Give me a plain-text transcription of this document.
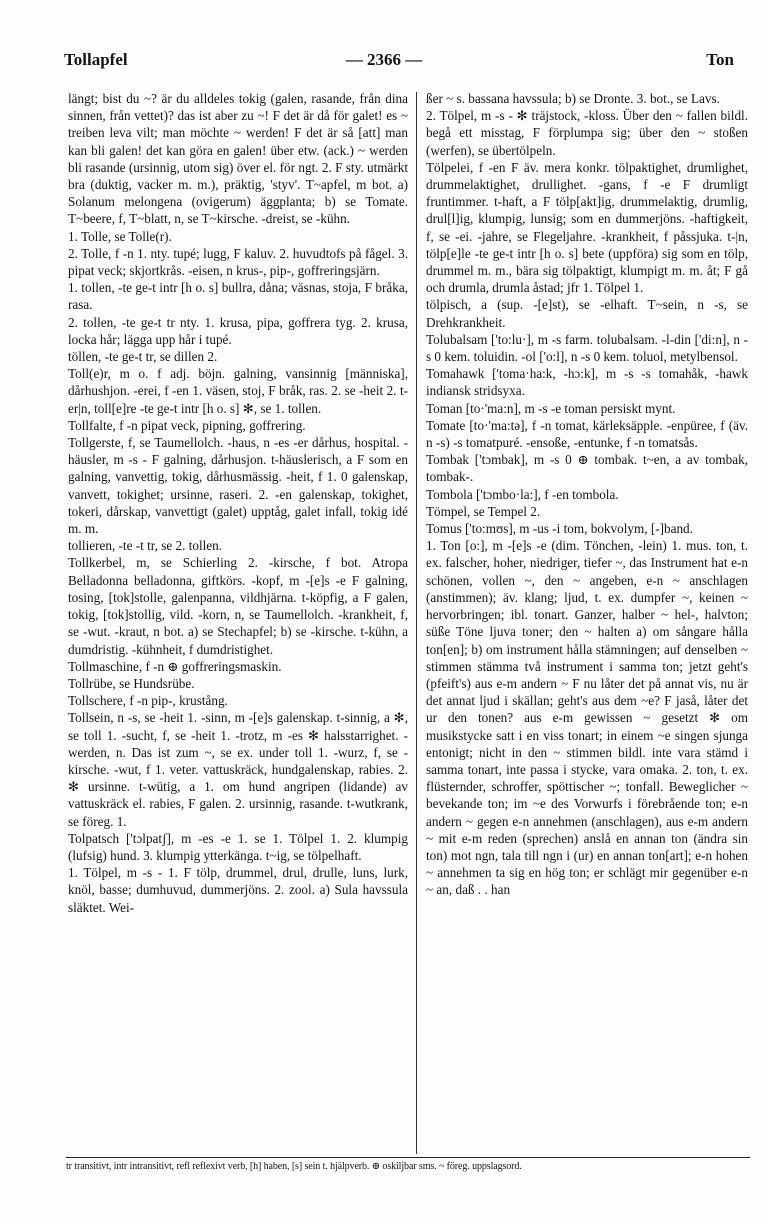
Tollapfel	— 2366 —	Ton

längt; bist du ~? är du alldeles tokig (galen, rasande, från dina sinnen, från vettet)? das ist aber zu ~! F det är då för galet! es ~ treiben leva vilt; man möchte ~ werden! F det är så [att] man kan bli galen! det kan göra en galen! über etw. (ack.) ~ werden bli rasande (ursinnig, utom sig) över el. för ngt. 2. F sty. utmärkt bra (duktig, vacker m. m.), präktig, 'styv'. T~apfel, m bot. a) Solanum melongena (ovigerum) äggplanta; b) se Tomate. T~beere, f, T~blatt, n, se T~kirsche. -dreist, se -kühn.

1. Tolle, se Tolle(r).

2. Tolle, f -n 1. nty. tupé; lugg, F kaluv. 2. huvudtofs på fågel. 3. pipat veck; skjortkrås. -eisen, n krus-, pip-, goffreringsjärn.

1. tollen, -te ge-t intr [h o. s] bullra, dåna; väsnas, stoja, F bråka, rasa.

2. tollen, -te ge-t tr nty. 1. krusa, pipa, goffrera tyg. 2. krusa, locka hår; lägga upp hår i tupé.

töllen, -te ge-t tr, se dillen 2.

Toll(e)r, m o. f adj. böjn. galning, vansinnig [människa], dårhushjon. -erei, f -en 1. väsen, stoj, F bråk, ras. 2. se -heit 2. t-er|n, toll[e]re -te ge-t intr [h o. s] ✻, se 1. tollen.

Tollfalte, f -n pipat veck, pipning, goffrering.

Tollgerste, f, se Taumellolch. -haus, n -es -er dårhus, hospital. -häusler, m -s - F galning, dårhusjon. t-häuslerisch, a F som en galning, vanvettig, tokig, dårhusmässig. -heit, f 1. 0 galenskap, vanvett, tokighet; ursinne, raseri. 2. -en galenskap, tokighet, tokeri, dårskap, vanvettigt (galet) upptåg, galet infall, tokig idé m. m.

tollieren, -te -t tr, se 2. tollen.

Tollkerbel, m, se Schierling 2. -kirsche, f bot. Atropa Belladonna belladonna, giftkörs. -kopf, m -[e]s -e F galning, tosing, [tok]stolle, galenpanna, vildhjärna. t-köpfig, a F galen, tokig, [tok]stollig, vild. -korn, n, se Taumellolch. -krankheit, f, se -wut. -kraut, n bot. a) se Stechapfel; b) se -kirsche. t-kühn, a dumdristig. -kühnheit, f dumdristighet.

Tollmaschine, f -n ⊕ goffreringsmaskin.

Tollrübe, se Hundsrübe.

Tollschere, f -n pip-, krustång.

Tollsein, n -s, se -heit 1. -sinn, m -[e]s galenskap. t-sinnig, a ✻, se toll 1. -sucht, f, se -heit 1. -trotz, m -es ✻ halsstarrighet. -werden, n. Das ist zum ~, se ex. under toll 1. -wurz, f, se -kirsche. -wut, f 1. veter. vattuskräck, hundgalenskap, rabies. 2. ✻ ursinne. t-wütig, a 1. om hund angripen (lidande) av vattuskräck el. rabies, F galen. 2. ursinnig, rasande. t-wutkrank, se föreg. 1.

Tolpatsch ['tɔlpatʃ], m -es -e 1. se 1. Tölpel 1. 2. klumpig (lufsig) hund. 3. klumpig ytterkänga. t~ig, se tölpelhaft.

1. Tölpel, m -s - 1. F tölp, drummel, drul, drulle, luns, lurk, knöl, basse; dumhuvud, dummerjöns. 2. zool. a) Sula havssula släktet. Wei-

ßer ~ s. bassana havssula; b) se Dronte. 3. bot., se Lavs.

2. Tölpel, m -s - ✻ träjstock, -kloss. Über den ~ fallen bildl. begå ett misstag, F förplumpa sig; über den ~ stoßen (werfen), se übertölpeln.

Tölpelei, f -en F äv. mera konkr. tölpaktighet, drumlighet, drummelaktighet, drullighet. -gans, f -e F drumligt fruntimmer. t-haft, a F tölp[akt]ig, drummelaktig, drumlig, drul[l]ig, klumpig, lunsig; som en dummerjöns. -haftigkeit, f, se -ei. -jahre, se Flegeljahre. -krankheit, f påssjuka. t-|n, tölp[e]le -te ge-t intr [h o. s] bete (uppföra) sig som en tölp, drummel m. m., bära sig tölpaktigt, klumpigt m. m. åt; F gå och drumla, drumla åstad; jfr 1. Tölpel 1.

tölpisch, a (sup. -[e]st), se -elhaft. T~sein, n -s, se Drehkrankheit.

Tolubalsam ['to:lu·], m -s farm. tolubalsam. -l-din ['di:n], n -s 0 kem. toluidin. -ol ['o:l], n -s 0 kem. toluol, metylbensol.

Tomahawk ['toma·ha:k, -hɔ:k], m -s -s tomahåk, -hawk indiansk stridsyxa.

Toman [to·'ma:n], m -s -e toman persiskt mynt.

Tomate [to·'ma:tə], f -n tomat, kärleksäpple. -enpüree, f (äv. n -s) -s tomatpuré. -ensoße, -entunke, f -n tomatsås.

Tombak ['tɔmbak], m -s 0 ⊕ tombak. t~en, a av tombak, tombak-.

Tombola ['tɔmbo·la:], f -en tombola.

Tömpel, se Tempel 2.

Tomus ['to:mʊs], m -us -i tom, bokvolym, [-]band.

1. Ton [o:], m -[e]s -e (dim. Tönchen, -lein) 1. mus. ton, t. ex. falscher, hoher, niedriger, tiefer ~, das Instrument hat e-n schönen, vollen ~, den ~ angeben, e-n ~ anschlagen (anstimmen); äv. klang; ljud, t. ex. dumpfer ~, keinen ~ hervorbringen; ibl. tonart. Ganzer, halber ~ hel-, halvton; süße Töne ljuva toner; den ~ halten a) om sångare hålla ton[en]; b) om instrument hålla stämningen; auf denselben ~ stimmen stämma två instrument i samma ton; jetzt geht's (pfeift's) aus e-m andern ~ F nu låter det på annat vis, nu är det annat ljud i skällan; geht's aus dem ~e? F jaså, låter det ur den tonen? aus e-m gewissen ~ gesetzt ✻ om musikstycke satt i en viss tonart; in einem ~e singen sjunga entonigt; nicht in den ~ stimmen bildl. inte vara stämd i samma tonart, inte passa i stycke, vara omaka. 2. ton, t. ex. flüsternder, schroffer, spöttischer ~; tonfall. Beweglicher ~ bevekande ton; im ~e des Vorwurfs i förebrående ton; e-n andern ~ gegen e-n annehmen (anschlagen), aus e-m andern ~ mit e-m reden (sprechen) anslå en annan ton (ändra sin ton) mot ngn, tala till ngn i (ur) en annan ton[art]; e-n hohen ~ annehmen ta sig en hög ton; er schlägt mir gegenüber e-n ~ an, daß . . han

tr transitivt, intr intransitivt, refl reflexivt verb, [h] haben, [s] sein t. hjälpverb. ⊕ oskiljbar sms. ~ föreg. uppslagsord.
